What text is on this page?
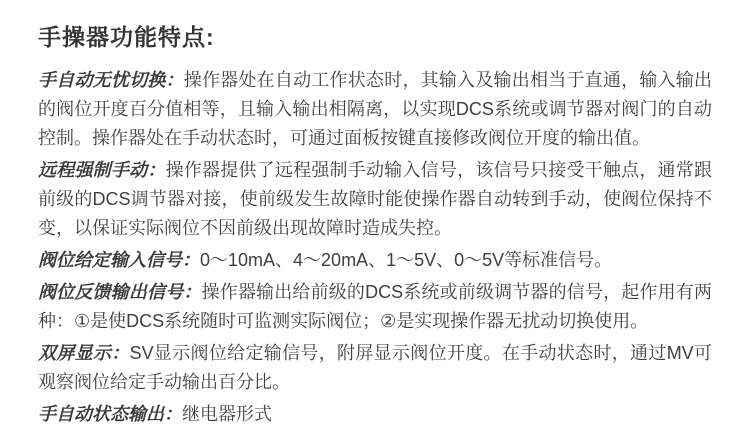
手操器功能特点:

手自动无忧切换：操作器处在自动工作状态时，其输入及输出相当于直通，输入输出的阀位开度百分值相等，且输入输出相隔离，以实现DCS系统或调节器对阀门的自动控制。操作器处在手动状态时，可通过面板按键直接修改阀位开度的输出值。

远程强制手动：操作器提供了远程强制手动输入信号，该信号只接受干触点，通常跟前级的DCS调节器对接，使前级发生故障时能使操作器自动转到手动，使阀位保持不变，以保证实际阀位不因前级出现故障时造成失控。

阀位给定输入信号：0～10mA、4～20mA、1～5V、0～5V等标准信号。

阀位反馈输出信号：操作器输出给前级的DCS系统或前级调节器的信号，起作用有两种：①是使DCS系统随时可监测实际阀位；②是实现操作器无扰动切换使用。

双屏显示：SV显示阀位给定输信号，附屏显示阀位开度。在手动状态时，通过MV可观察阀位给定手动输出百分比。

手自动状态输出：继电器形式
